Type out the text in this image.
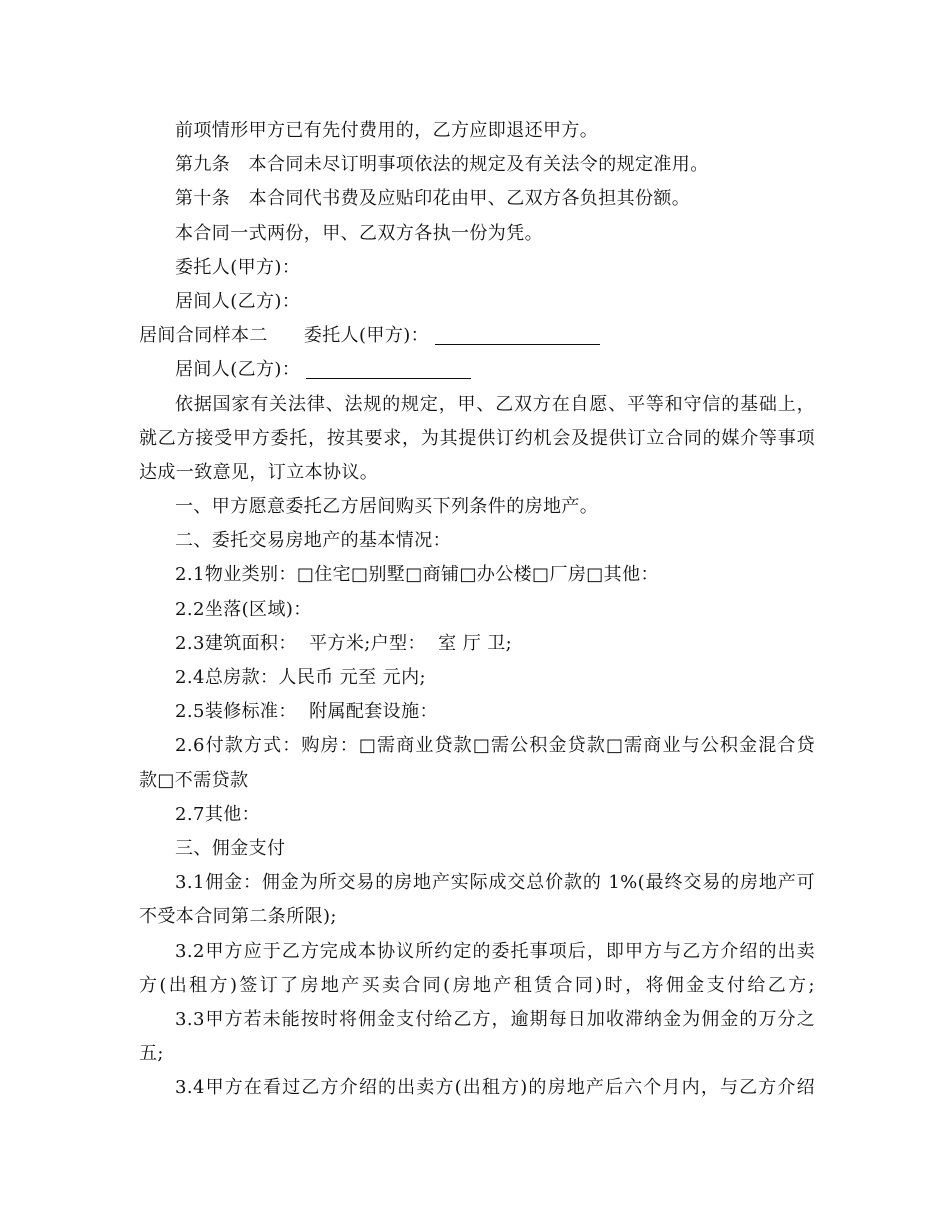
前项情形甲方已有先付费用的，乙方应即退还甲方。
第九条　本合同未尽订明事项依法的规定及有关法令的规定准用。
第十条　本合同代书费及应贴印花由甲、乙双方各负担其份额。
本合同一式两份，甲、乙双方各执一份为凭。
委托人(甲方)：
居间人(乙方)：
居间合同样本二 委托人(甲方)：
居间人(乙方)：
依据国家有关法律、法规的规定，甲、乙双方在自愿、平等和守信的基础上，
就乙方接受甲方委托，按其要求，为其提供订约机会及提供订立合同的媒介等事项
达成一致意见，订立本协议。
一、甲方愿意委托乙方居间购买下列条件的房地产。
二、委托交易房地产的基本情况：
2.1物业类别：□住宅□别墅□商铺□办公楼□厂房□其他：
2.2坐落(区域)：
2.3建筑面积：  平方米;户型：  室 厅 卫;
2.4总房款：人民币 元至 元内;
2.5装修标准：  附属配套设施：
2.6付款方式：购房：□需商业贷款□需公积金贷款□需商业与公积金混合贷
款□不需贷款
2.7其他：
三、佣金支付
3.1佣金：佣金为所交易的房地产实际成交总价款的 1%(最终交易的房地产可
不受本合同第二条所限);
3.2甲方应于乙方完成本协议所约定的委托事项后，即甲方与乙方介绍的出卖
方(出租方)签订了房地产买卖合同(房地产租赁合同)时，将佣金支付给乙方;
3.3甲方若未能按时将佣金支付给乙方，逾期每日加收滞纳金为佣金的万分之
五;
3.4甲方在看过乙方介绍的出卖方(出租方)的房地产后六个月内，与乙方介绍
